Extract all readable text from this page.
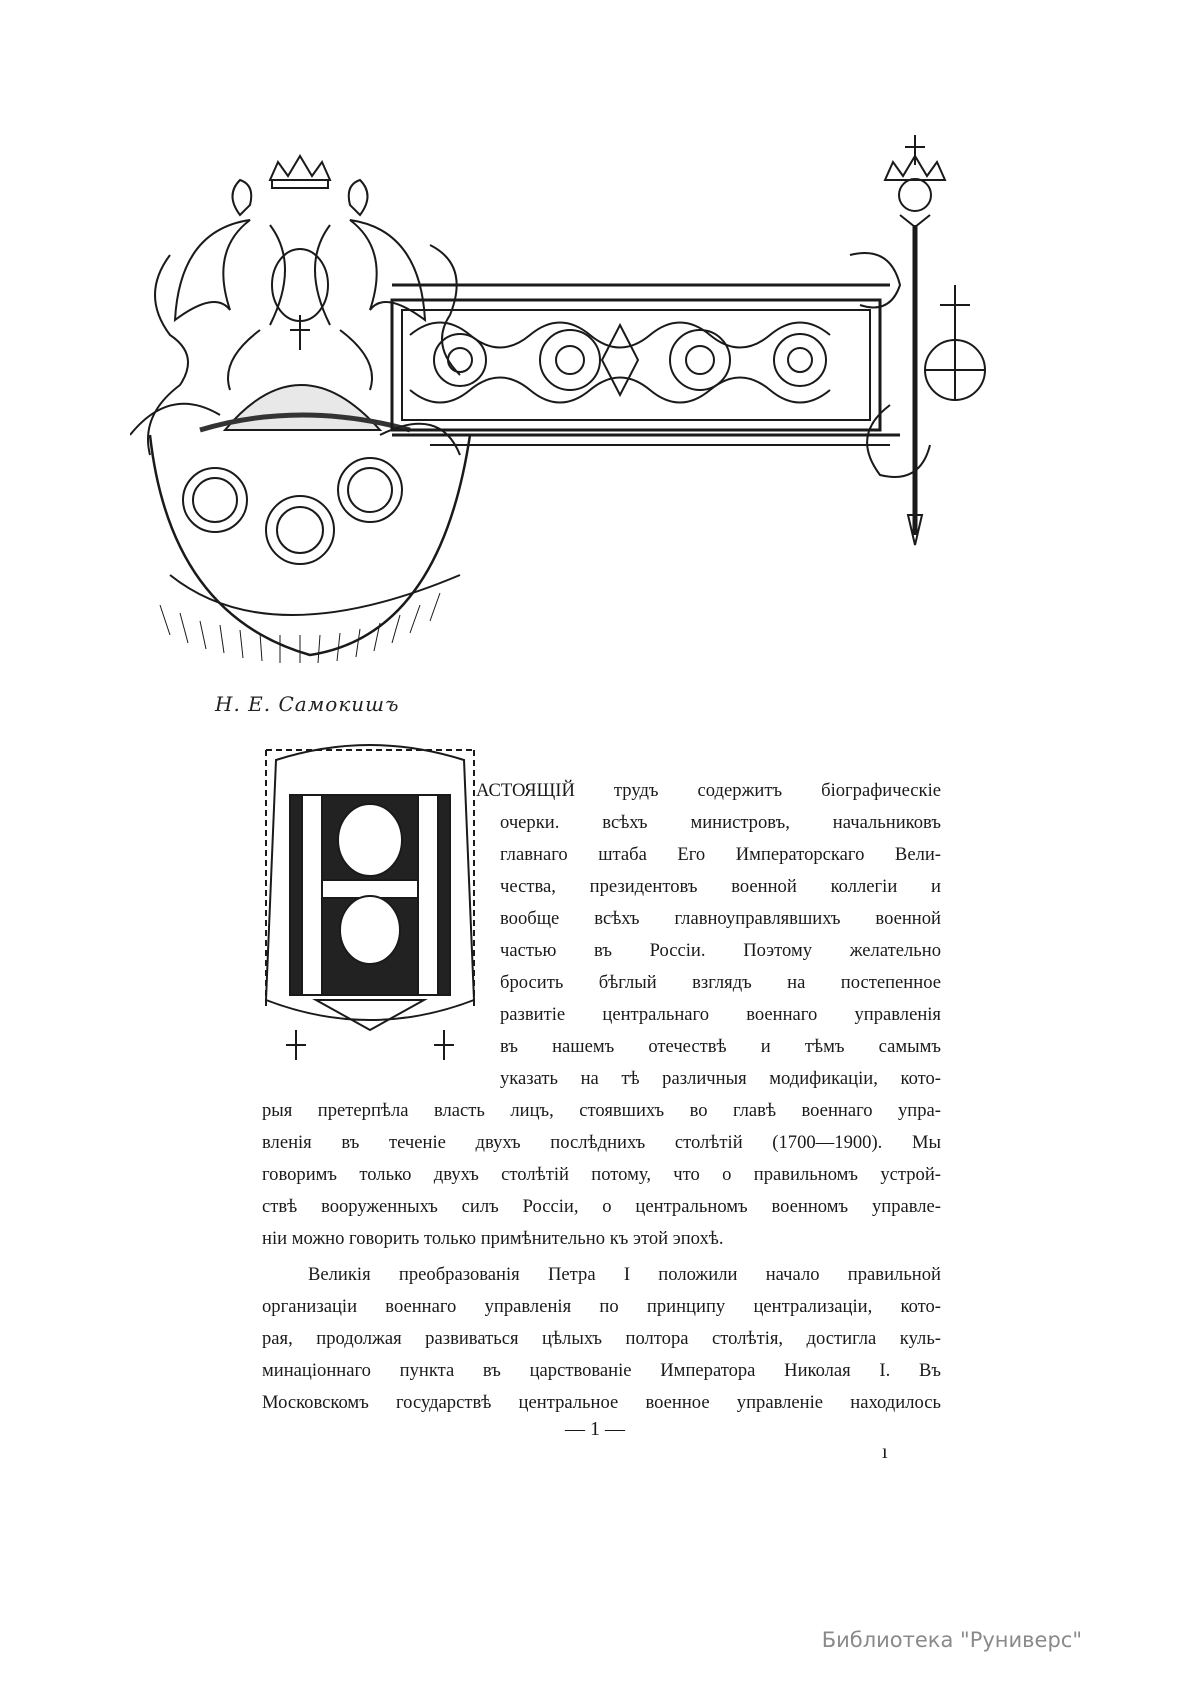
Н. Е. Самокишъ
АСТОЯЩІЙ трудъ содержитъ біографическіе
очерки. всѣхъ министровъ, начальниковъ
главнаго штаба Его Императорскаго Вели-
чества, президентовъ военной коллегіи и
вообще всѣхъ главноуправлявшихъ военной
частью въ Россіи. Поэтому желательно
бросить бѣглый взглядъ на постепенное
развитіе центральнаго военнаго управленія
въ нашемъ отечествѣ и тѣмъ самымъ
указать на тѣ различныя модификаціи, кото-
рыя претерпѣла власть лицъ, стоявшихъ во главѣ военнаго упра-
вленія въ теченіе двухъ послѣднихъ столѣтій (1700—1900). Мы
говоримъ только двухъ столѣтій потому, что о правильномъ устрой-
ствѣ вооруженныхъ силъ Россіи, о центральномъ военномъ управле-
ніи можно говорить только примѣнительно къ этой эпохѣ.
Великія преобразованія Петра I положили начало правильной
организаціи военнаго управленія по принципу централизаціи, кото-
рая, продолжая развиваться цѣлыхъ полтора столѣтія, достигла куль-
минаціоннаго пункта въ царствованіе Императора Николая I. Въ
Московскомъ государствѣ центральное военное управленіе находилось
— 1 —
ı
Библиотека "Руниверс"
